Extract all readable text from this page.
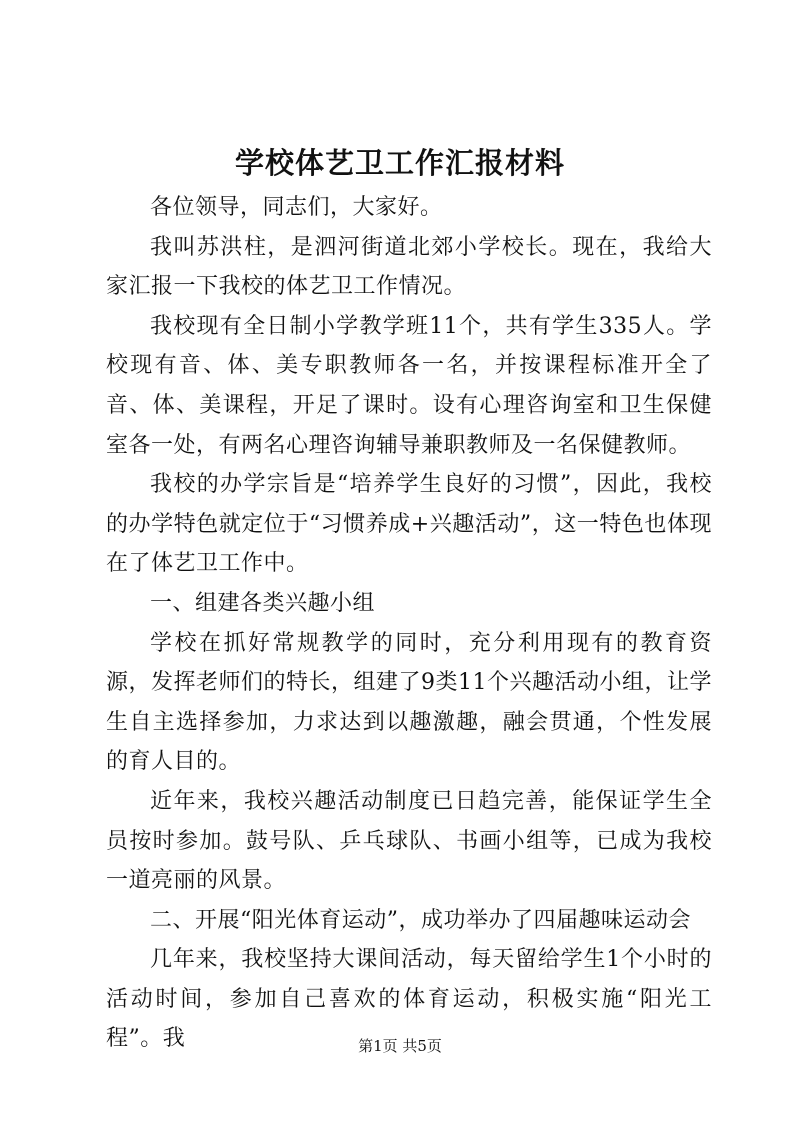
学校体艺卫工作汇报材料

各位领导，同志们，大家好。

我叫苏洪柱，是泗河街道北郊小学校长。现在，我给大家汇报一下我校的体艺卫工作情况。

我校现有全日制小学教学班11个，共有学生335人。学校现有音、体、美专职教师各一名，并按课程标准开全了音、体、美课程，开足了课时。设有心理咨询室和卫生保健室各一处，有两名心理咨询辅导兼职教师及一名保健教师。

我校的办学宗旨是“培养学生良好的习惯”，因此，我校的办学特色就定位于“习惯养成+兴趣活动”，这一特色也体现在了体艺卫工作中。

一、组建各类兴趣小组

学校在抓好常规教学的同时，充分利用现有的教育资源，发挥老师们的特长，组建了9类11个兴趣活动小组，让学生自主选择参加，力求达到以趣激趣，融会贯通，个性发展的育人目的。

近年来，我校兴趣活动制度已日趋完善，能保证学生全员按时参加。鼓号队、乒乓球队、书画小组等，已成为我校一道亮丽的风景。

二、开展“阳光体育运动”，成功举办了四届趣味运动会

几年来，我校坚持大课间活动，每天留给学生1个小时的活动时间，参加自己喜欢的体育运动，积极实施“阳光工程”。我	第1页 共5页
